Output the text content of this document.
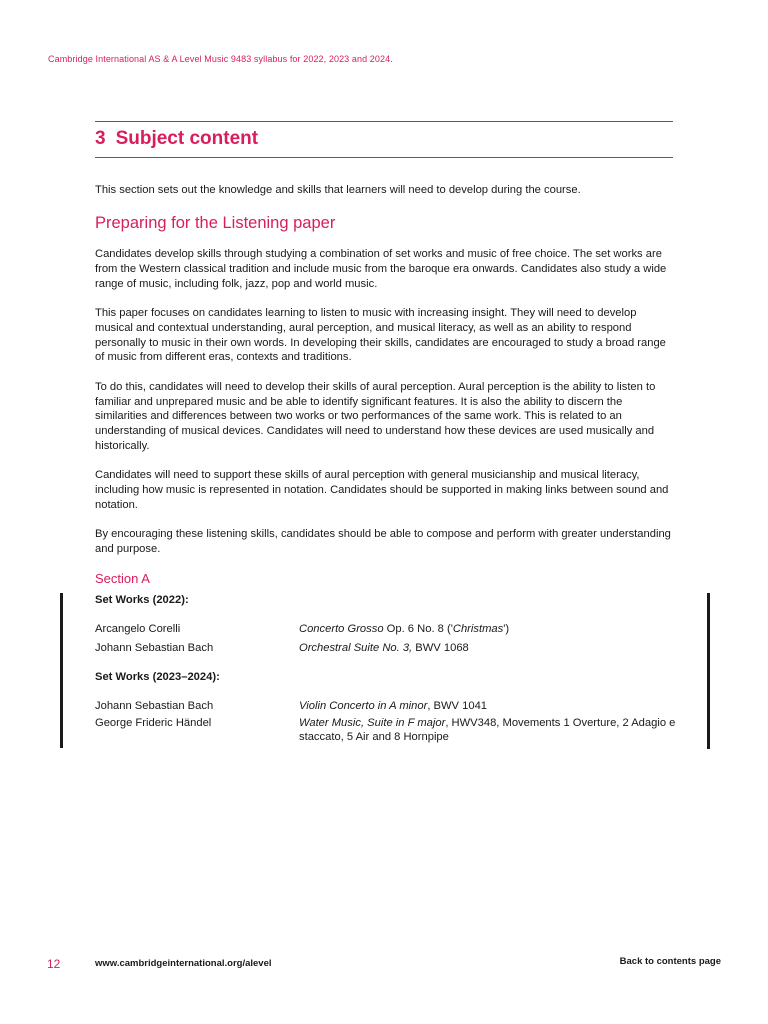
Cambridge International AS & A Level Music 9483 syllabus for 2022, 2023 and 2024.
3 Subject content
This section sets out the knowledge and skills that learners will need to develop during the course.
Preparing for the Listening paper

Candidates develop skills through studying a combination of set works and music of free choice. The set works are from the Western classical tradition and include music from the baroque era onwards. Candidates also study a wide range of music, including folk, jazz, pop and world music.

This paper focuses on candidates learning to listen to music with increasing insight. They will need to develop musical and contextual understanding, aural perception, and musical literacy, as well as an ability to respond personally to music in their own words. In developing their skills, candidates are encouraged to study a broad range of music from different eras, contexts and traditions.

To do this, candidates will need to develop their skills of aural perception. Aural perception is the ability to listen to familiar and unprepared music and be able to identify significant features. It is also the ability to discern the similarities and differences between two works or two performances of the same work. This is related to an understanding of musical devices. Candidates will need to understand how these devices are used musically and historically.

Candidates will need to support these skills of aural perception with general musicianship and musical literacy, including how music is represented in notation. Candidates should be supported in making links between sound and notation.

By encouraging these listening skills, candidates should be able to compose and perform with greater understanding and purpose.

Section A
Set Works (2022):
Arcangelo Corelli	Concerto Grosso Op. 6 No. 8 ('Christmas')
Johann Sebastian Bach	Orchestral Suite No. 3, BWV 1068
Set Works (2023–2024):
Johann Sebastian Bach	Violin Concerto in A minor, BWV 1041
George Frideric Händel	Water Music, Suite in F major, HWV348, Movements 1 Overture, 2 Adagio e staccato, 5 Air and 8 Hornpipe
12	www.cambridgeinternational.org/alevel	Back to contents page
